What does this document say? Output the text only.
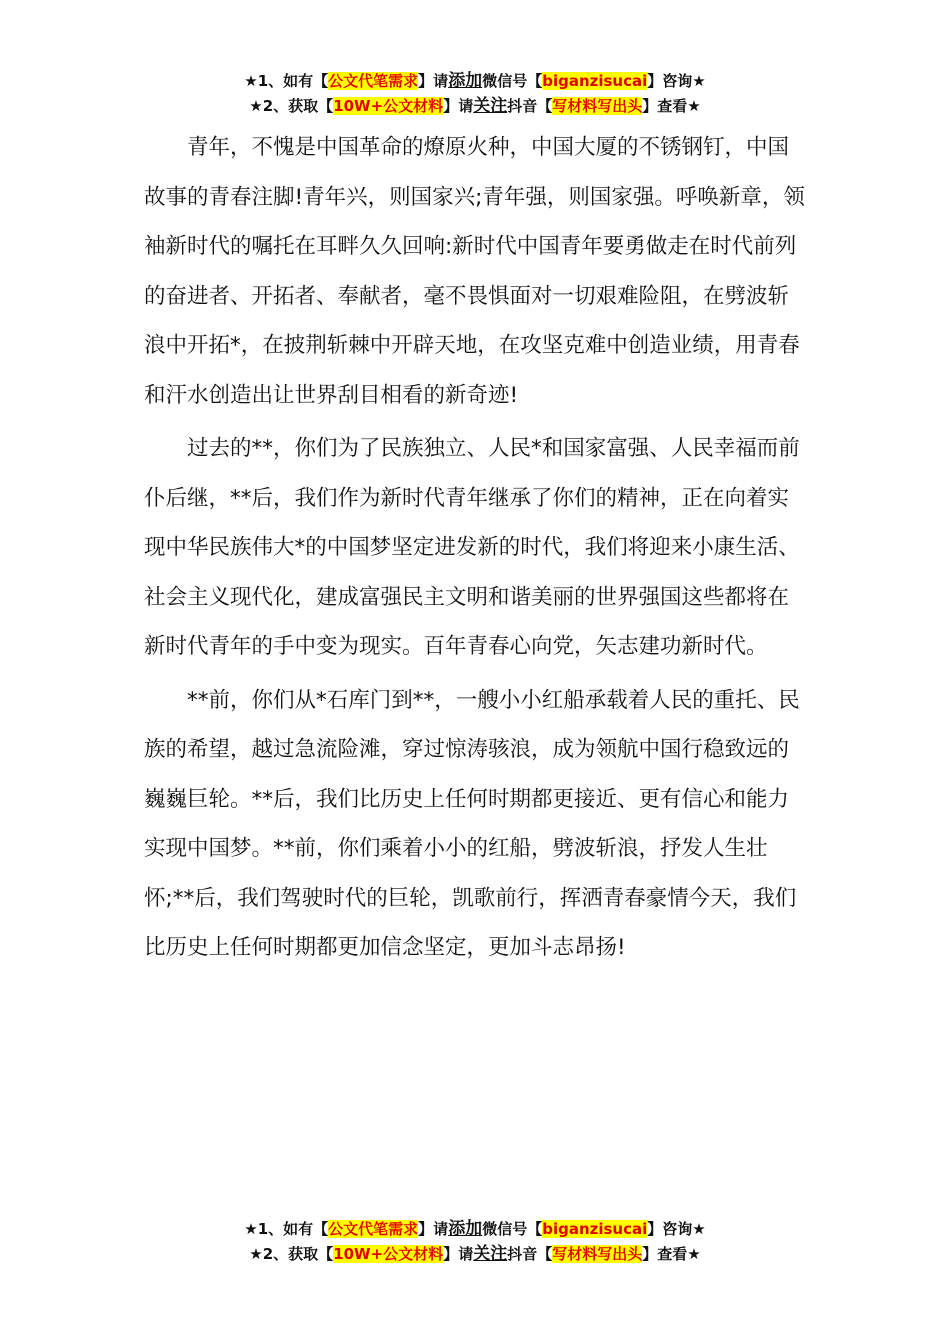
★1、如有【公文代笔需求】请添加微信号【biganzisucai】咨询★
★2、获取【10W+公文材料】请关注抖音【写材料写出头】查看★

青年，不愧是中国革命的燎原火种，中国大厦的不锈钢钉，中国故事的青春注脚!青年兴，则国家兴;青年强，则国家强。呼唤新章，领袖新时代的嘱托在耳畔久久回响:新时代中国青年要勇做走在时代前列的奋进者、开拓者、奉献者，毫不畏惧面对一切艰难险阻，在劈波斩浪中开拓*，在披荆斩棘中开辟天地，在攻坚克难中创造业绩，用青春和汗水创造出让世界刮目相看的新奇迹!

过去的**，你们为了民族独立、人民*和国家富强、人民幸福而前仆后继，**后，我们作为新时代青年继承了你们的精神，正在向着实现中华民族伟大*的中国梦坚定进发新的时代，我们将迎来小康生活、社会主义现代化，建成富强民主文明和谐美丽的世界强国这些都将在新时代青年的手中变为现实。百年青春心向党，矢志建功新时代。

**前，你们从*石库门到**，一艘小小红船承载着人民的重托、民族的希望，越过急流险滩，穿过惊涛骇浪，成为领航中国行稳致远的巍巍巨轮。**后，我们比历史上任何时期都更接近、更有信心和能力实现中国梦。**前，你们乘着小小的红船，劈波斩浪，抒发人生壮怀;**后，我们驾驶时代的巨轮，凯歌前行，挥洒青春豪情今天，我们比历史上任何时期都更加信念坚定，更加斗志昂扬!

★1、如有【公文代笔需求】请添加微信号【biganzisucai】咨询★
★2、获取【10W+公文材料】请关注抖音【写材料写出头】查看★
